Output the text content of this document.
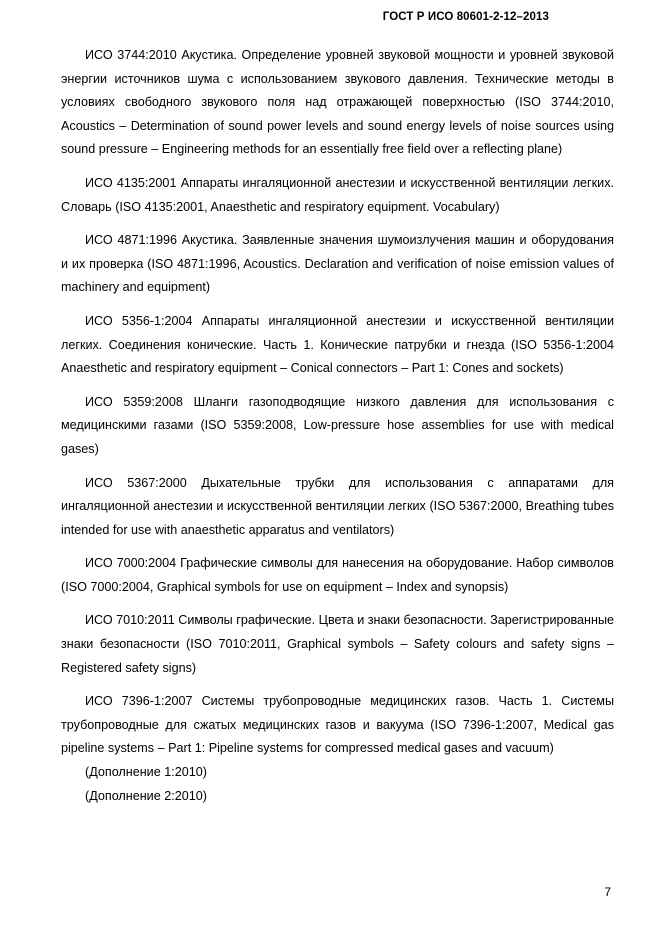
ГОСТ Р ИСО 80601-2-12–2013

ИСО 3744:2010 Акустика. Определение уровней звуковой мощности и уровней звуковой энергии источников шума с использованием звукового давления. Технические методы в условиях свободного звукового поля над отражающей поверхностью (ISO 3744:2010, Acoustics – Determination of sound power levels and sound energy levels of noise sources using sound pressure – Engineering methods for an essentially free field over a reflecting plane)

ИСО 4135:2001 Аппараты ингаляционной анестезии и искусственной вентиляции легких. Словарь (ISO 4135:2001, Anaesthetic and respiratory equipment. Vocabulary)

ИСО 4871:1996 Акустика. Заявленные значения шумоизлучения машин и оборудования и их проверка (ISO 4871:1996, Acoustics. Declaration and verification of noise emission values of machinery and equipment)

ИСО 5356-1:2004 Аппараты ингаляционной анестезии и искусственной вентиляции легких. Соединения конические. Часть 1. Конические патрубки и гнезда (ISO 5356-1:2004 Anaesthetic and respiratory equipment – Conical connectors – Part 1: Cones and sockets)

ИСО 5359:2008 Шланги газоподводящие низкого давления для использования с медицинскими газами (ISO 5359:2008, Low-pressure hose assemblies for use with medical gases)

ИСО 5367:2000 Дыхательные трубки для использования с аппаратами для ингаляционной анестезии и искусственной вентиляции легких (ISO 5367:2000, Breathing tubes intended for use with anaesthetic apparatus and ventilators)

ИСО 7000:2004 Графические символы для нанесения на оборудование. Набор символов (ISO 7000:2004, Graphical symbols for use on equipment – Index and synopsis)

ИСО 7010:2011 Символы графические. Цвета и знаки безопасности. Зарегистрированные знаки безопасности (ISO 7010:2011, Graphical symbols – Safety colours and safety signs – Registered safety signs)

ИСО 7396-1:2007 Системы трубопроводные медицинских газов. Часть 1. Системы трубопроводные для сжатых медицинских газов и вакуума (ISO 7396-1:2007, Medical gas pipeline systems – Part 1: Pipeline systems for compressed medical gases and vacuum)

(Дополнение 1:2010)

(Дополнение 2:2010)

7
